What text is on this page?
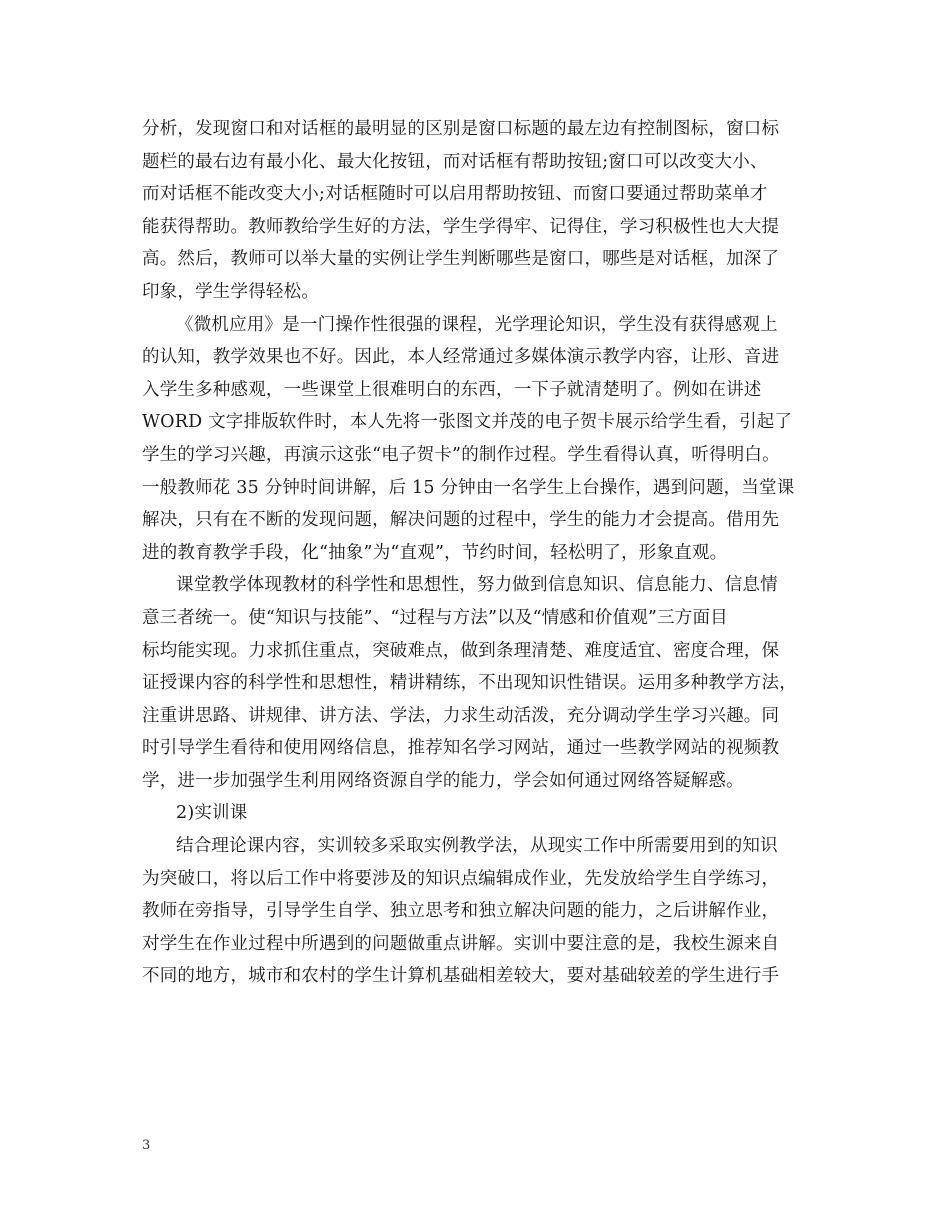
分析，发现窗口和对话框的最明显的区别是窗口标题的最左边有控制图标，窗口标
题栏的最右边有最小化、最大化按钮，而对话框有帮助按钮;窗口可以改变大小、
而对话框不能改变大小;对话框随时可以启用帮助按钮、而窗口要通过帮助菜单才
能获得帮助。教师教给学生好的方法，学生学得牢、记得住，学习积极性也大大提
高。然后，教师可以举大量的实例让学生判断哪些是窗口，哪些是对话框，加深了
印象，学生学得轻松。
《微机应用》是一门操作性很强的课程，光学理论知识，学生没有获得感观上
的认知，教学效果也不好。因此，本人经常通过多媒体演示教学内容，让形、音进
入学生多种感观，一些课堂上很难明白的东西，一下子就清楚明了。例如在讲述
WORD 文字排版软件时，本人先将一张图文并茂的电子贺卡展示给学生看，引起了
学生的学习兴趣，再演示这张“电子贺卡”的制作过程。学生看得认真，听得明白。
一般教师花 35 分钟时间讲解，后 15 分钟由一名学生上台操作，遇到问题，当堂课
解决，只有在不断的发现问题，解决问题的过程中，学生的能力才会提高。借用先
进的教育教学手段，化“抽象”为“直观”，节约时间，轻松明了，形象直观。
课堂教学体现教材的科学性和思想性，努力做到信息知识、信息能力、信息情
意三者统一。使“知识与技能”、“过程与方法”以及“情感和价值观”三方面目
标均能实现。力求抓住重点，突破难点，做到条理清楚、难度适宜、密度合理，保
证授课内容的科学性和思想性，精讲精练，不出现知识性错误。运用多种教学方法，
注重讲思路、讲规律、讲方法、学法，力求生动活泼，充分调动学生学习兴趣。同
时引导学生看待和使用网络信息，推荐知名学习网站，通过一些教学网站的视频教
学，进一步加强学生利用网络资源自学的能力，学会如何通过网络答疑解惑。
2)实训课
结合理论课内容，实训较多采取实例教学法，从现实工作中所需要用到的知识
为突破口，将以后工作中将要涉及的知识点编辑成作业，先发放给学生自学练习，
教师在旁指导，引导学生自学、独立思考和独立解决问题的能力，之后讲解作业，
对学生在作业过程中所遇到的问题做重点讲解。实训中要注意的是，我校生源来自
不同的地方，城市和农村的学生计算机基础相差较大，要对基础较差的学生进行手
3
